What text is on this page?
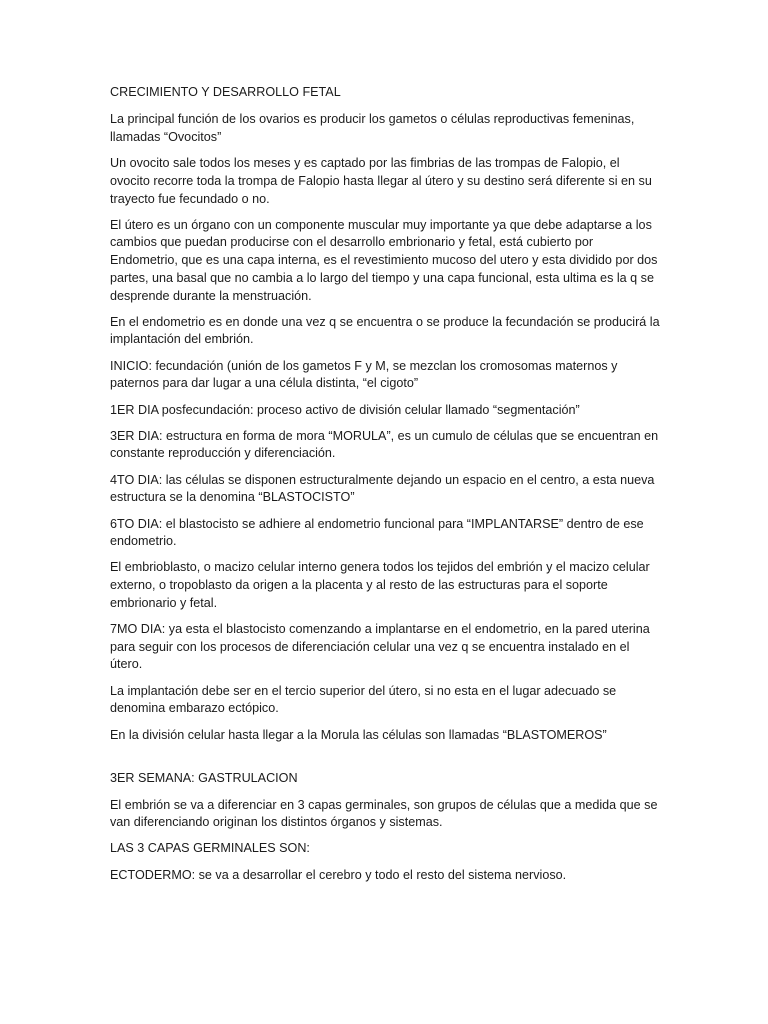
CRECIMIENTO Y DESARROLLO FETAL

La principal función de los ovarios es producir los gametos o células reproductivas femeninas, llamadas “Ovocitos”

Un ovocito sale todos los meses y es captado por las fimbrias de las trompas de Falopio, el ovocito recorre toda la trompa de Falopio hasta llegar al útero y su destino será diferente si en su trayecto fue fecundado o no.

El útero es un órgano con un componente muscular muy importante ya que debe adaptarse a los cambios que puedan producirse con el desarrollo embrionario y fetal, está cubierto por Endometrio, que es una capa interna, es el revestimiento mucoso del utero y esta dividido por dos partes, una basal que no cambia a lo largo del tiempo y una capa funcional, esta ultima es la q se desprende durante la menstruación.

En el endometrio es en donde una vez q se encuentra o se produce la fecundación se producirá la implantación del embrión.

INICIO: fecundación (unión de los gametos F y M, se mezclan los cromosomas maternos y paternos para dar lugar a una célula distinta, “el cigoto”

1ER DIA posfecundación: proceso activo de división celular llamado “segmentación”

3ER DIA: estructura en forma de mora “MORULA”, es un cumulo de células que se encuentran en constante reproducción y diferenciación.

4TO DIA: las células se disponen estructuralmente dejando un espacio en el centro, a esta nueva estructura se la denomina “BLASTOCISTO”

6TO DIA: el blastocisto se adhiere al endometrio funcional para “IMPLANTARSE” dentro de ese endometrio.

El embrioblasto, o macizo celular interno genera todos los tejidos del embrión y el macizo celular externo, o tropoblasto da origen a la placenta y al resto de las estructuras para el soporte embrionario y fetal.

7MO DIA: ya esta el blastocisto comenzando a implantarse en el endometrio, en la pared uterina para seguir con los procesos de diferenciación celular una vez q se encuentra instalado en el útero.

La implantación debe ser en el tercio superior del útero, si no esta en el lugar adecuado se denomina embarazo ectópico.

En la división celular hasta llegar a la Morula las células son llamadas “BLASTOMEROS”

3ER SEMANA: GASTRULACION

El embrión se va a diferenciar en 3 capas germinales, son grupos de células que a medida que se van diferenciando originan los distintos órganos y sistemas.

LAS 3 CAPAS GERMINALES SON:

ECTODERMO: se va a desarrollar el cerebro y todo el resto del sistema nervioso.
